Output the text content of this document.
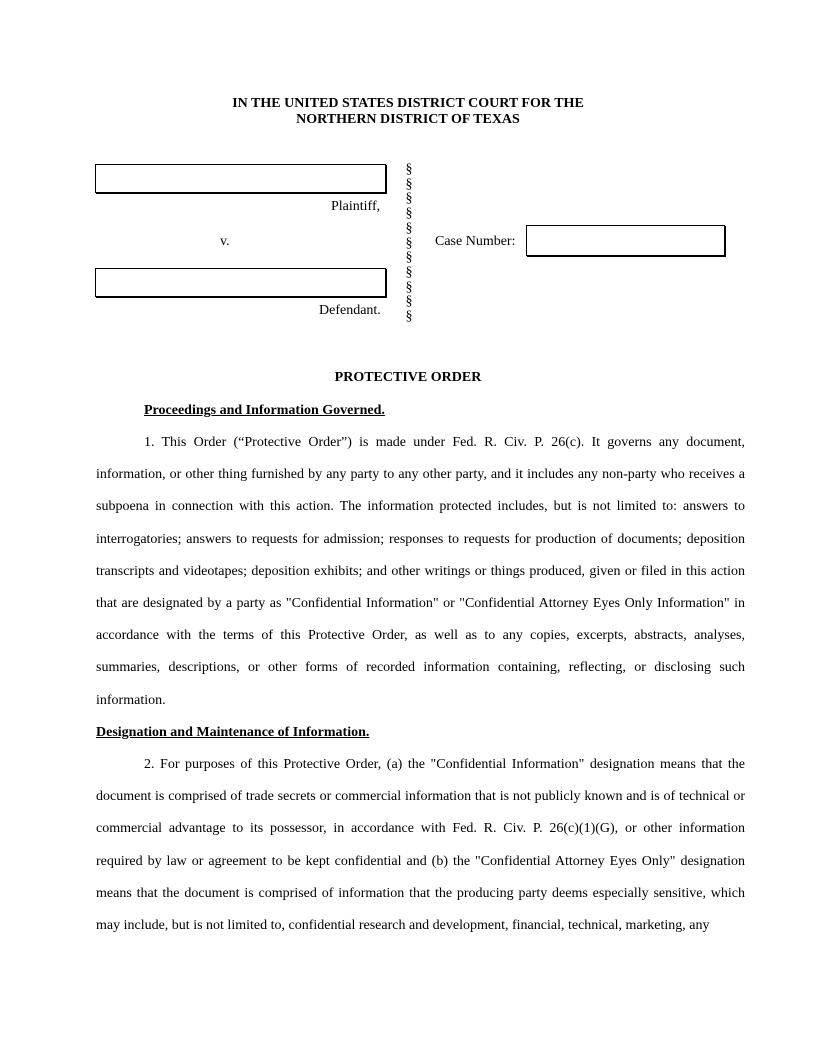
IN THE UNITED STATES DISTRICT COURT FOR THE
NORTHERN DISTRICT OF TEXAS
Plaintiff,
v.
Defendant.
§
§
§
§
§
§
§
§
§
§
§
Case Number:
PROTECTIVE ORDER
Proceedings and Information Governed.

1. This Order (“Protective Order”) is made under Fed. R. Civ. P. 26(c). It governs any document, information, or other thing furnished by any party to any other party, and it includes any non-party who receives a subpoena in connection with this action. The information protected includes, but is not limited to: answers to interrogatories; answers to requests for admission; responses to requests for production of documents; deposition transcripts and videotapes; deposition exhibits; and other writings or things produced, given or filed in this action that are designated by a party as "Confidential Information" or "Confidential Attorney Eyes Only Information" in accordance with the terms of this Protective Order, as well as to any copies, excerpts, abstracts, analyses, summaries, descriptions, or other forms of recorded information containing, reflecting, or disclosing such information.

Designation and Maintenance of Information.

2. For purposes of this Protective Order, (a) the "Confidential Information" designation means that the document is comprised of trade secrets or commercial information that is not publicly known and is of technical or commercial advantage to its possessor, in accordance with Fed. R. Civ. P. 26(c)(1)(G), or other information required by law or agreement to be kept confidential and (b) the "Confidential Attorney Eyes Only" designation means that the document is comprised of information that the producing party deems especially sensitive, which may include, but is not limited to, confidential research and development, financial, technical, marketing, any
